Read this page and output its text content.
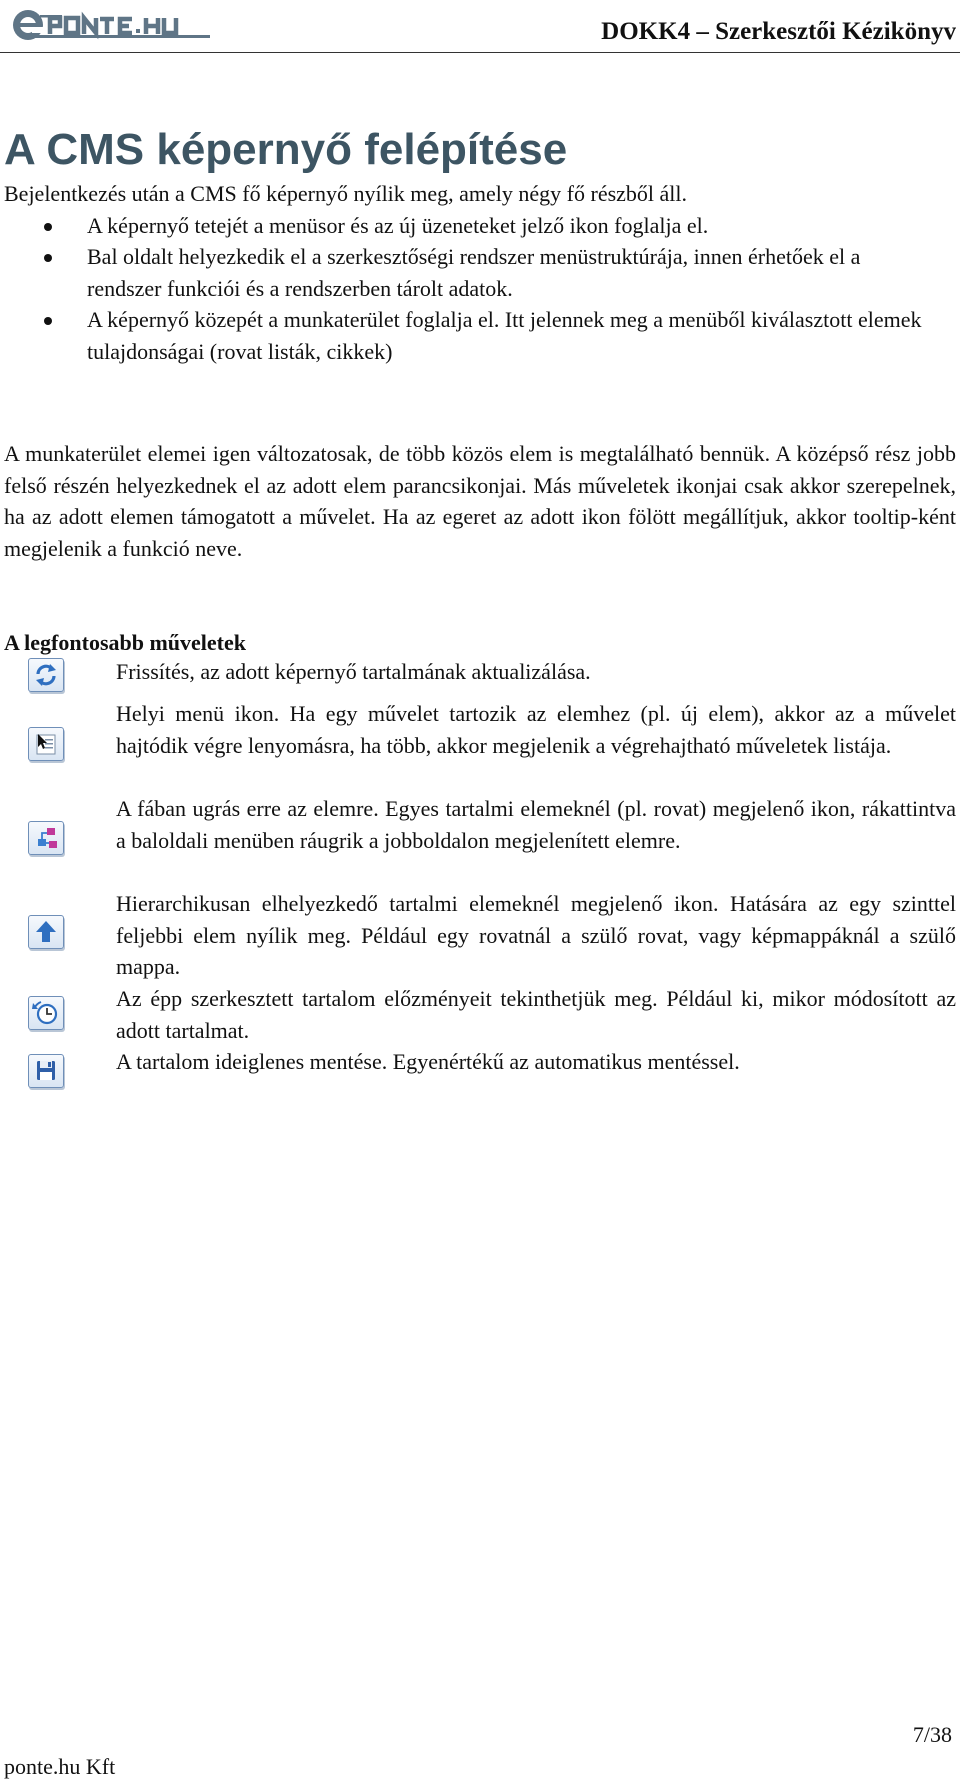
DOKK4 – Szerkesztői Kézikönyv
A CMS képernyő felépítése
Bejelentkezés után a CMS fő képernyő nyílik meg, amely négy fő részből áll.
A képernyő tetejét a menüsor és az új üzeneteket jelző ikon foglalja el.
Bal oldalt helyezkedik el a szerkesztőségi rendszer menüstruktúrája, innen érhetőek el a rendszer funkciói és a rendszerben tárolt adatok.
A képernyő közepét a munkaterület foglalja el. Itt jelennek meg a menüből kiválasztott elemek tulajdonságai (rovat listák, cikkek)
A munkaterület elemei igen változatosak, de több közös elem is megtalálható bennük. A középső rész jobb felső részén helyezkednek el az adott elem parancsikonjai. Más műveletek ikonjai csak akkor szerepelnek, ha az adott elemen támogatott a művelet. Ha az egeret az adott ikon fölött megállítjuk, akkor tooltip-ként megjelenik a funkció neve.
A legfontosabb műveletek
Frissítés, az adott képernyő tartalmának aktualizálása.
Helyi menü ikon. Ha egy művelet tartozik az elemhez (pl. új elem), akkor az a művelet hajtódik végre lenyomásra, ha több, akkor megjelenik a végrehajtható műveletek listája.
A fában ugrás erre az elemre. Egyes tartalmi elemeknél (pl. rovat) megjelenő ikon, rákattintva a baloldali menüben ráugrik a jobboldalon megjelenített elemre.
Hierarchikusan elhelyezkedő tartalmi elemeknél megjelenő ikon. Hatására az egy szinttel feljebbi elem nyílik meg. Például egy rovatnál a szülő rovat, vagy képmappáknál a szülő mappa.
Az épp szerkesztett tartalom előzményeit tekinthetjük meg. Például ki, mikor módosított az adott tartalmat.
A tartalom ideiglenes mentése. Egyenértékű az automatikus mentéssel.
7/38
ponte.hu Kft
